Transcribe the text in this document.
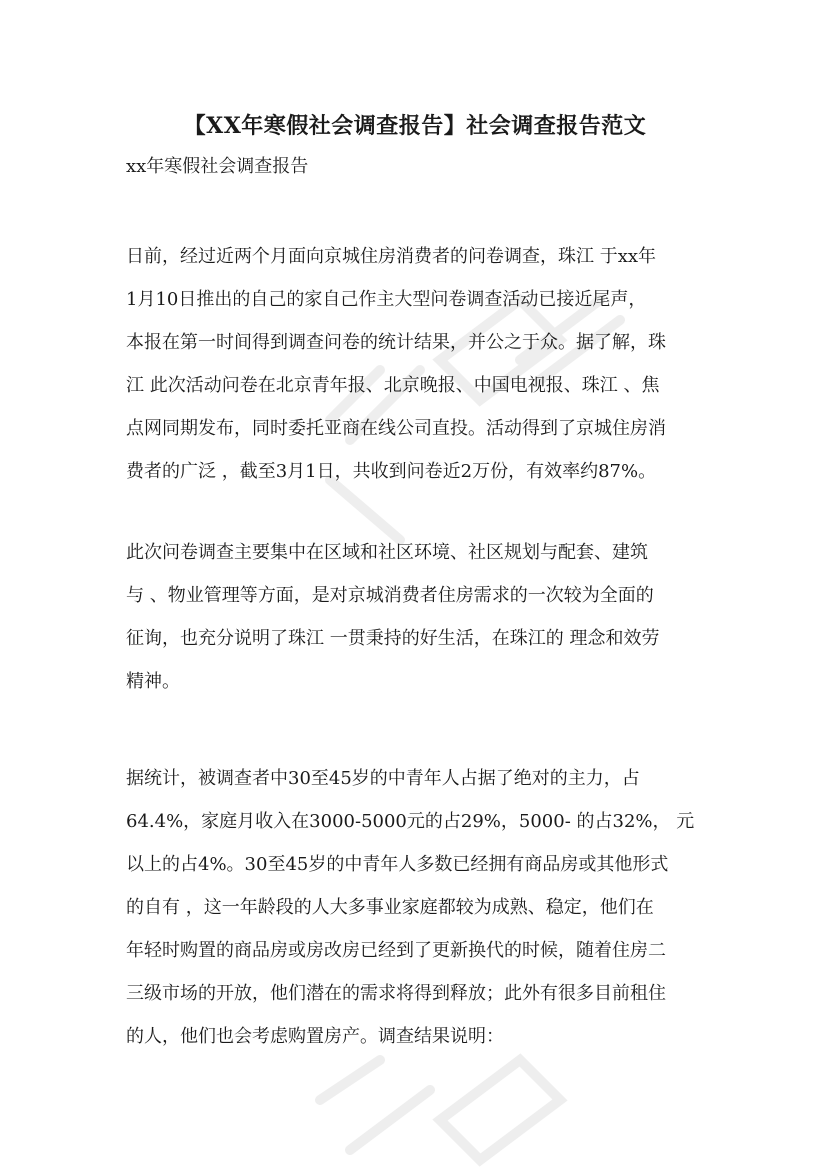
【XX年寒假社会调查报告】社会调查报告范文
xx年寒假社会调查报告
日前，经过近两个月面向京城住房消费者的问卷调查，珠江 于xx年
1月10日推出的自己的家自己作主大型问卷调查活动已接近尾声，
本报在第一时间得到调查问卷的统计结果，并公之于众。据了解，珠
江 此次活动问卷在北京青年报、北京晚报、中国电视报、珠江 、焦
点网同期发布，同时委托亚商在线公司直投。活动得到了京城住房消
费者的广泛 ，截至3月1日，共收到问卷近2万份，有效率约87%。
此次问卷调查主要集中在区域和社区环境、社区规划与配套、建筑
与 、物业管理等方面，是对京城消费者住房需求的一次较为全面的
征询，也充分说明了珠江 一贯秉持的好生活，在珠江的 理念和效劳
精神。
据统计，被调查者中30至45岁的中青年人占据了绝对的主力，占
64.4%，家庭月收入在3000-5000元的占29%，5000- 的占32%， 元
以上的占4%。30至45岁的中青年人多数已经拥有商品房或其他形式
的自有 ，这一年龄段的人大多事业家庭都较为成熟、稳定，他们在
年轻时购置的商品房或房改房已经到了更新换代的时候，随着住房二
三级市场的开放，他们潜在的需求将得到释放；此外有很多目前租住
的人，他们也会考虑购置房产。调查结果说明：
